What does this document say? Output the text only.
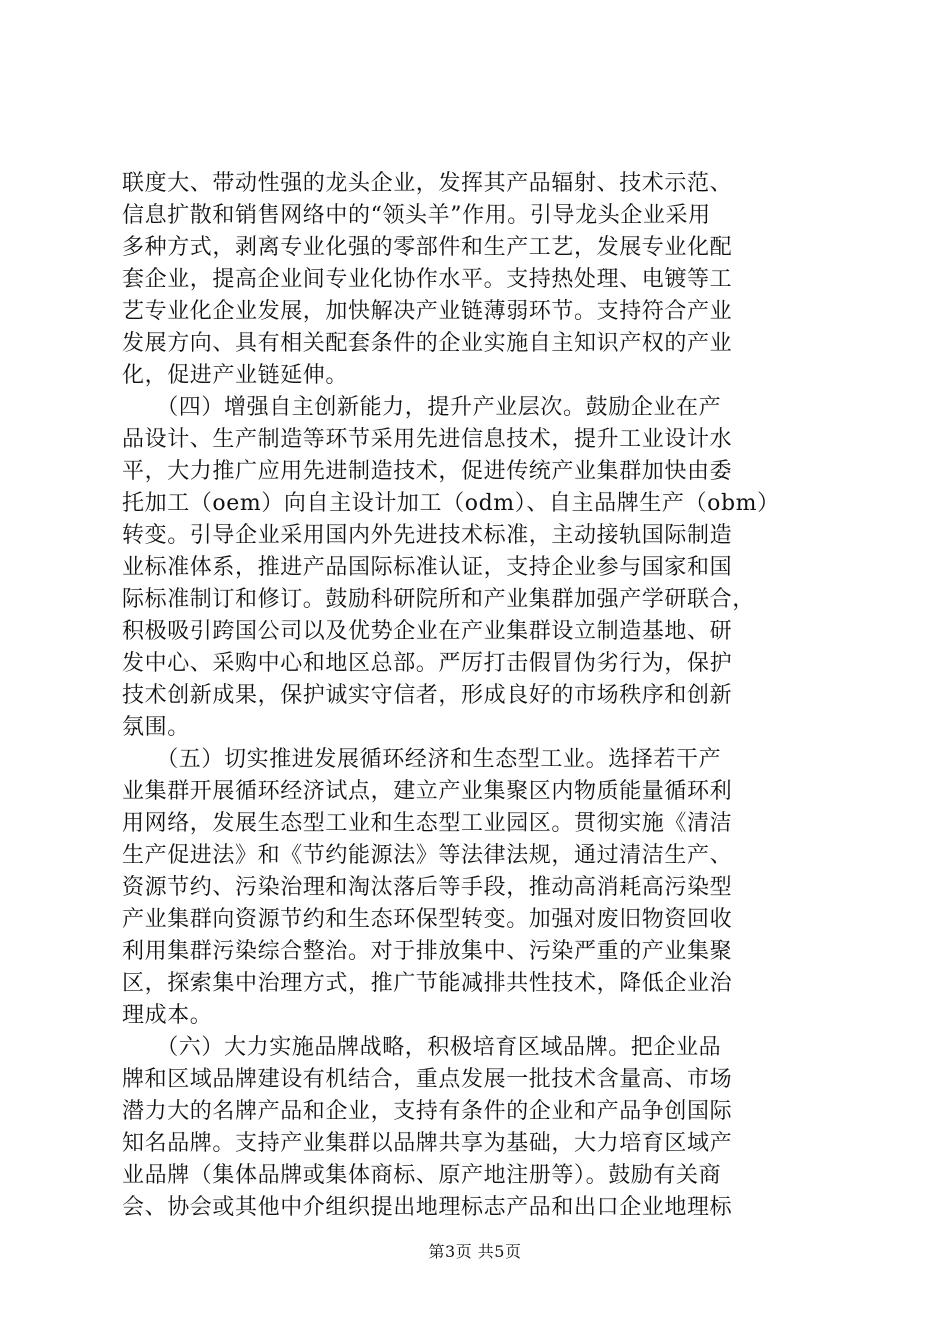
联度大、带动性强的龙头企业，发挥其产品辐射、技术示范、
信息扩散和销售网络中的“领头羊”作用。引导龙头企业采用
多种方式，剥离专业化强的零部件和生产工艺，发展专业化配
套企业，提高企业间专业化协作水平。支持热处理、电镀等工
艺专业化企业发展，加快解决产业链薄弱环节。支持符合产业
发展方向、具有相关配套条件的企业实施自主知识产权的产业
化，促进产业链延伸。
　　（四）增强自主创新能力，提升产业层次。鼓励企业在产
品设计、生产制造等环节采用先进信息技术，提升工业设计水
平，大力推广应用先进制造技术，促进传统产业集群加快由委
托加工（oem）向自主设计加工（odm）、自主品牌生产（obm）
转变。引导企业采用国内外先进技术标准，主动接轨国际制造
业标准体系，推进产品国际标准认证，支持企业参与国家和国
际标准制订和修订。鼓励科研院所和产业集群加强产学研联合，
积极吸引跨国公司以及优势企业在产业集群设立制造基地、研
发中心、采购中心和地区总部。严厉打击假冒伪劣行为，保护
技术创新成果，保护诚实守信者，形成良好的市场秩序和创新
氛围。
　　（五）切实推进发展循环经济和生态型工业。选择若干产
业集群开展循环经济试点，建立产业集聚区内物质能量循环利
用网络，发展生态型工业和生态型工业园区。贯彻实施《清洁
生产促进法》和《节约能源法》等法律法规，通过清洁生产、
资源节约、污染治理和淘汰落后等手段，推动高消耗高污染型
产业集群向资源节约和生态环保型转变。加强对废旧物资回收
利用集群污染综合整治。对于排放集中、污染严重的产业集聚
区，探索集中治理方式，推广节能减排共性技术，降低企业治
理成本。
　　（六）大力实施品牌战略，积极培育区域品牌。把企业品
牌和区域品牌建设有机结合，重点发展一批技术含量高、市场
潜力大的名牌产品和企业，支持有条件的企业和产品争创国际
知名品牌。支持产业集群以品牌共享为基础，大力培育区域产
业品牌（集体品牌或集体商标、原产地注册等）。鼓励有关商
会、协会或其他中介组织提出地理标志产品和出口企业地理标
第3页 共5页
